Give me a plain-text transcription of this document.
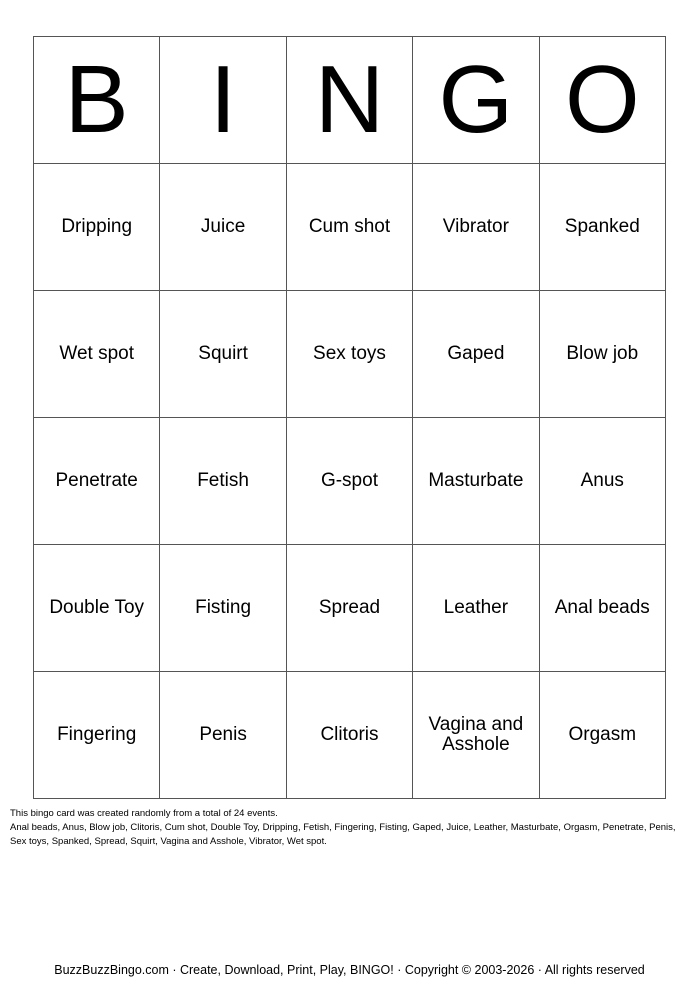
B	I	N	G	O
Dripping	Juice	Cum shot	Vibrator	Spanked
Wet spot	Squirt	Sex toys	Gaped	Blow job
Penetrate	Fetish	G-spot	Masturbate	Anus
Double Toy	Fisting	Spread	Leather	Anal beads
Fingering	Penis	Clitoris	Vagina and Asshole	Orgasm

This bingo card was created randomly from a total of 24 events.

Anal beads, Anus, Blow job, Clitoris, Cum shot, Double Toy, Dripping, Fetish, Fingering, Fisting, Gaped, Juice, Leather, Masturbate, Orgasm, Penetrate, Penis, Sex toys, Spanked, Spread, Squirt, Vagina and Asshole, Vibrator, Wet spot.

BuzzBuzzBingo.com · Create, Download, Print, Play, BINGO! · Copyright © 2003-2026 · All rights reserved
